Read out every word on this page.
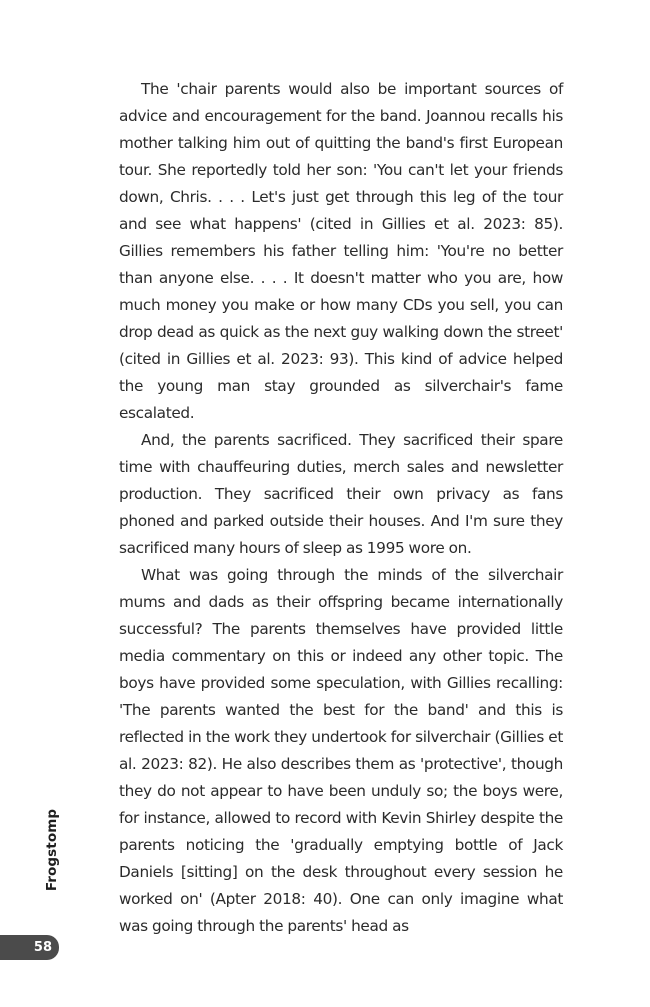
The 'chair parents would also be important sources of advice and encouragement for the band. Joannou recalls his mother talking him out of quitting the band's first European tour. She reportedly told her son: 'You can't let your friends down, Chris. . . . Let's just get through this leg of the tour and see what happens' (cited in Gillies et al. 2023: 85). Gillies remembers his father telling him: 'You're no better than anyone else. . . . It doesn't matter who you are, how much money you make or how many CDs you sell, you can drop dead as quick as the next guy walking down the street' (cited in Gillies et al. 2023: 93). This kind of advice helped the young man stay grounded as silverchair's fame escalated.

And, the parents sacrificed. They sacrificed their spare time with chauffeuring duties, merch sales and newsletter production. They sacrificed their own privacy as fans phoned and parked outside their houses. And I'm sure they sacrificed many hours of sleep as 1995 wore on.

What was going through the minds of the silverchair mums and dads as their offspring became internationally successful? The parents themselves have provided little media commentary on this or indeed any other topic. The boys have provided some speculation, with Gillies recalling: 'The parents wanted the best for the band' and this is reflected in the work they undertook for silverchair (Gillies et al. 2023: 82). He also describes them as 'protective', though they do not appear to have been unduly so; the boys were, for instance, allowed to record with Kevin Shirley despite the parents noticing the 'gradually emptying bottle of Jack Daniels [sitting] on the desk throughout every session he worked on' (Apter 2018: 40). One can only imagine what was going through the parents' head as

Frogstomp
58
